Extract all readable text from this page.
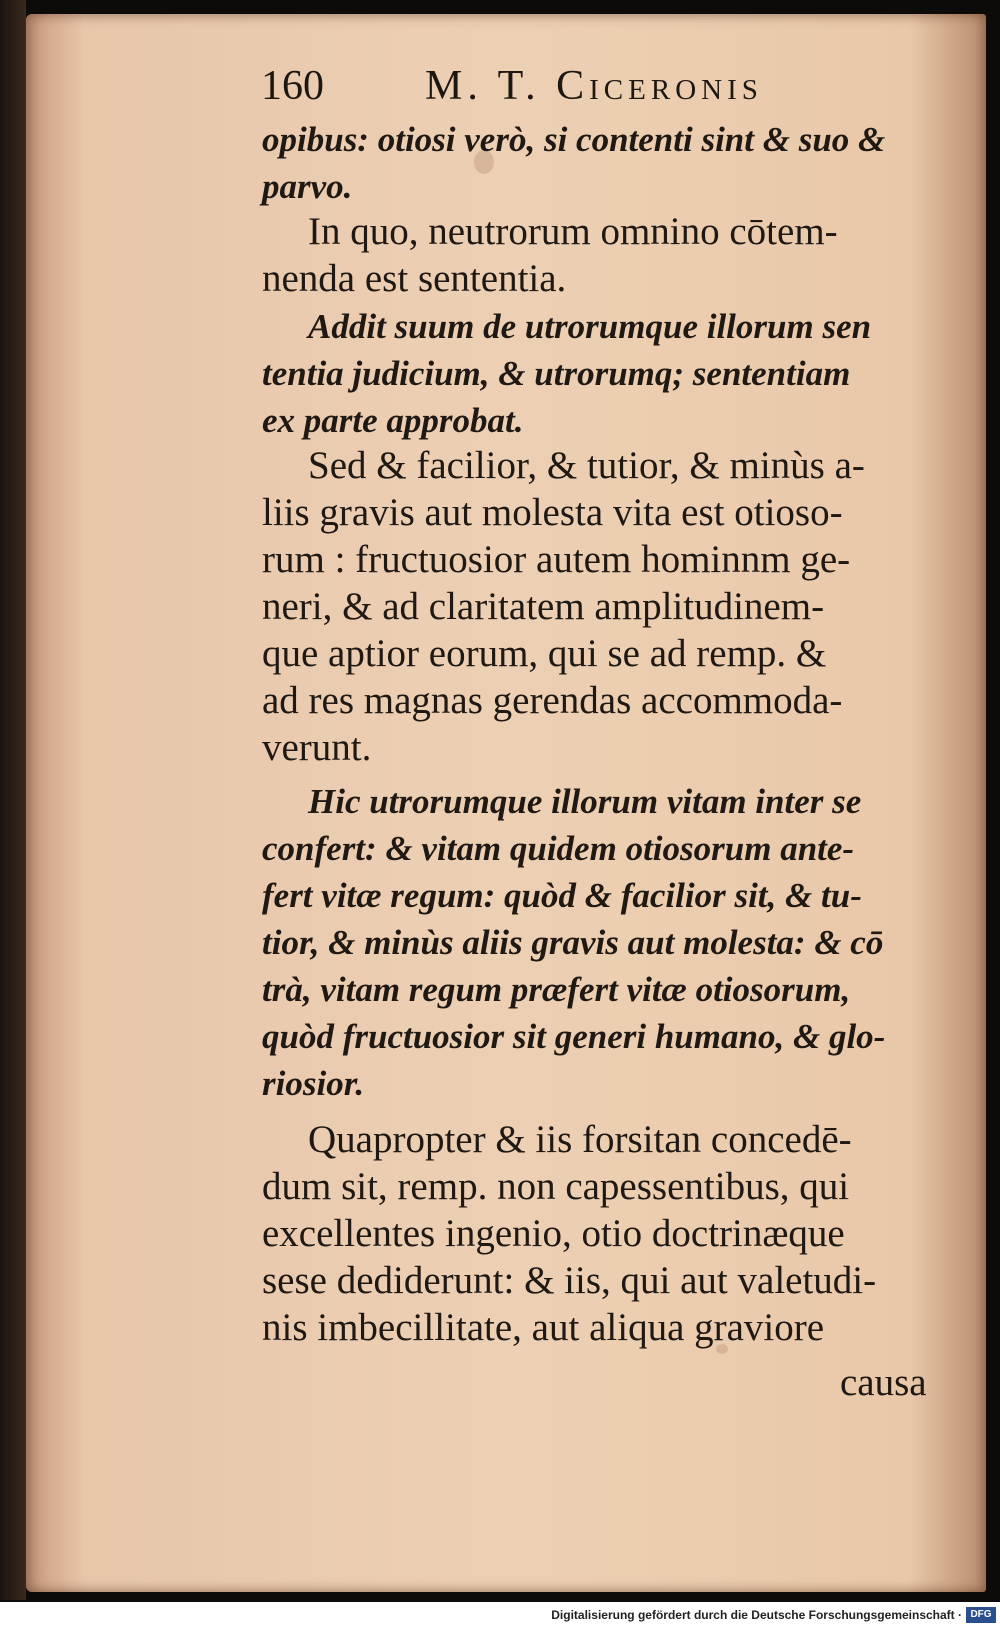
160 M. T. Ciceronis
opibus: otiosi verò, si contenti sint & suo &
parvo.
In quo, neutrorum omnino cōtem-
nenda est sententia.
Addit suum de utrorumque illorum sen
tentia judicium, & utrorumq; sententiam
ex parte approbat.
Sed & facilior, & tutior, & minùs a-
liis gravis aut molesta vita est otioso-
rum : fructuosior autem hominnm ge-
neri, & ad claritatem amplitudinem-
que aptior eorum, qui se ad remp. &
ad res magnas gerendas accommoda-
verunt.
Hic utrorumque illorum vitam inter se
confert: & vitam quidem otiosorum ante-
fert vitæ regum: quòd & facilior sit, & tu-
tior, & minùs aliis gravis aut molesta: & cō
trà, vitam regum præfert vitæ otiosorum,
quòd fructuosior sit generi humano, & glo-
riosior.
Quapropter & iis forsitan concedē-
dum sit, remp. non capessentibus, qui
excellentes ingenio, otio doctrinæque
sese dediderunt: & iis, qui aut valetudi-
nis imbecillitate, aut aliqua graviore
causa
Digitalisierung gefördert durch die Deutsche Forschungsgemeinschaft · DFG
